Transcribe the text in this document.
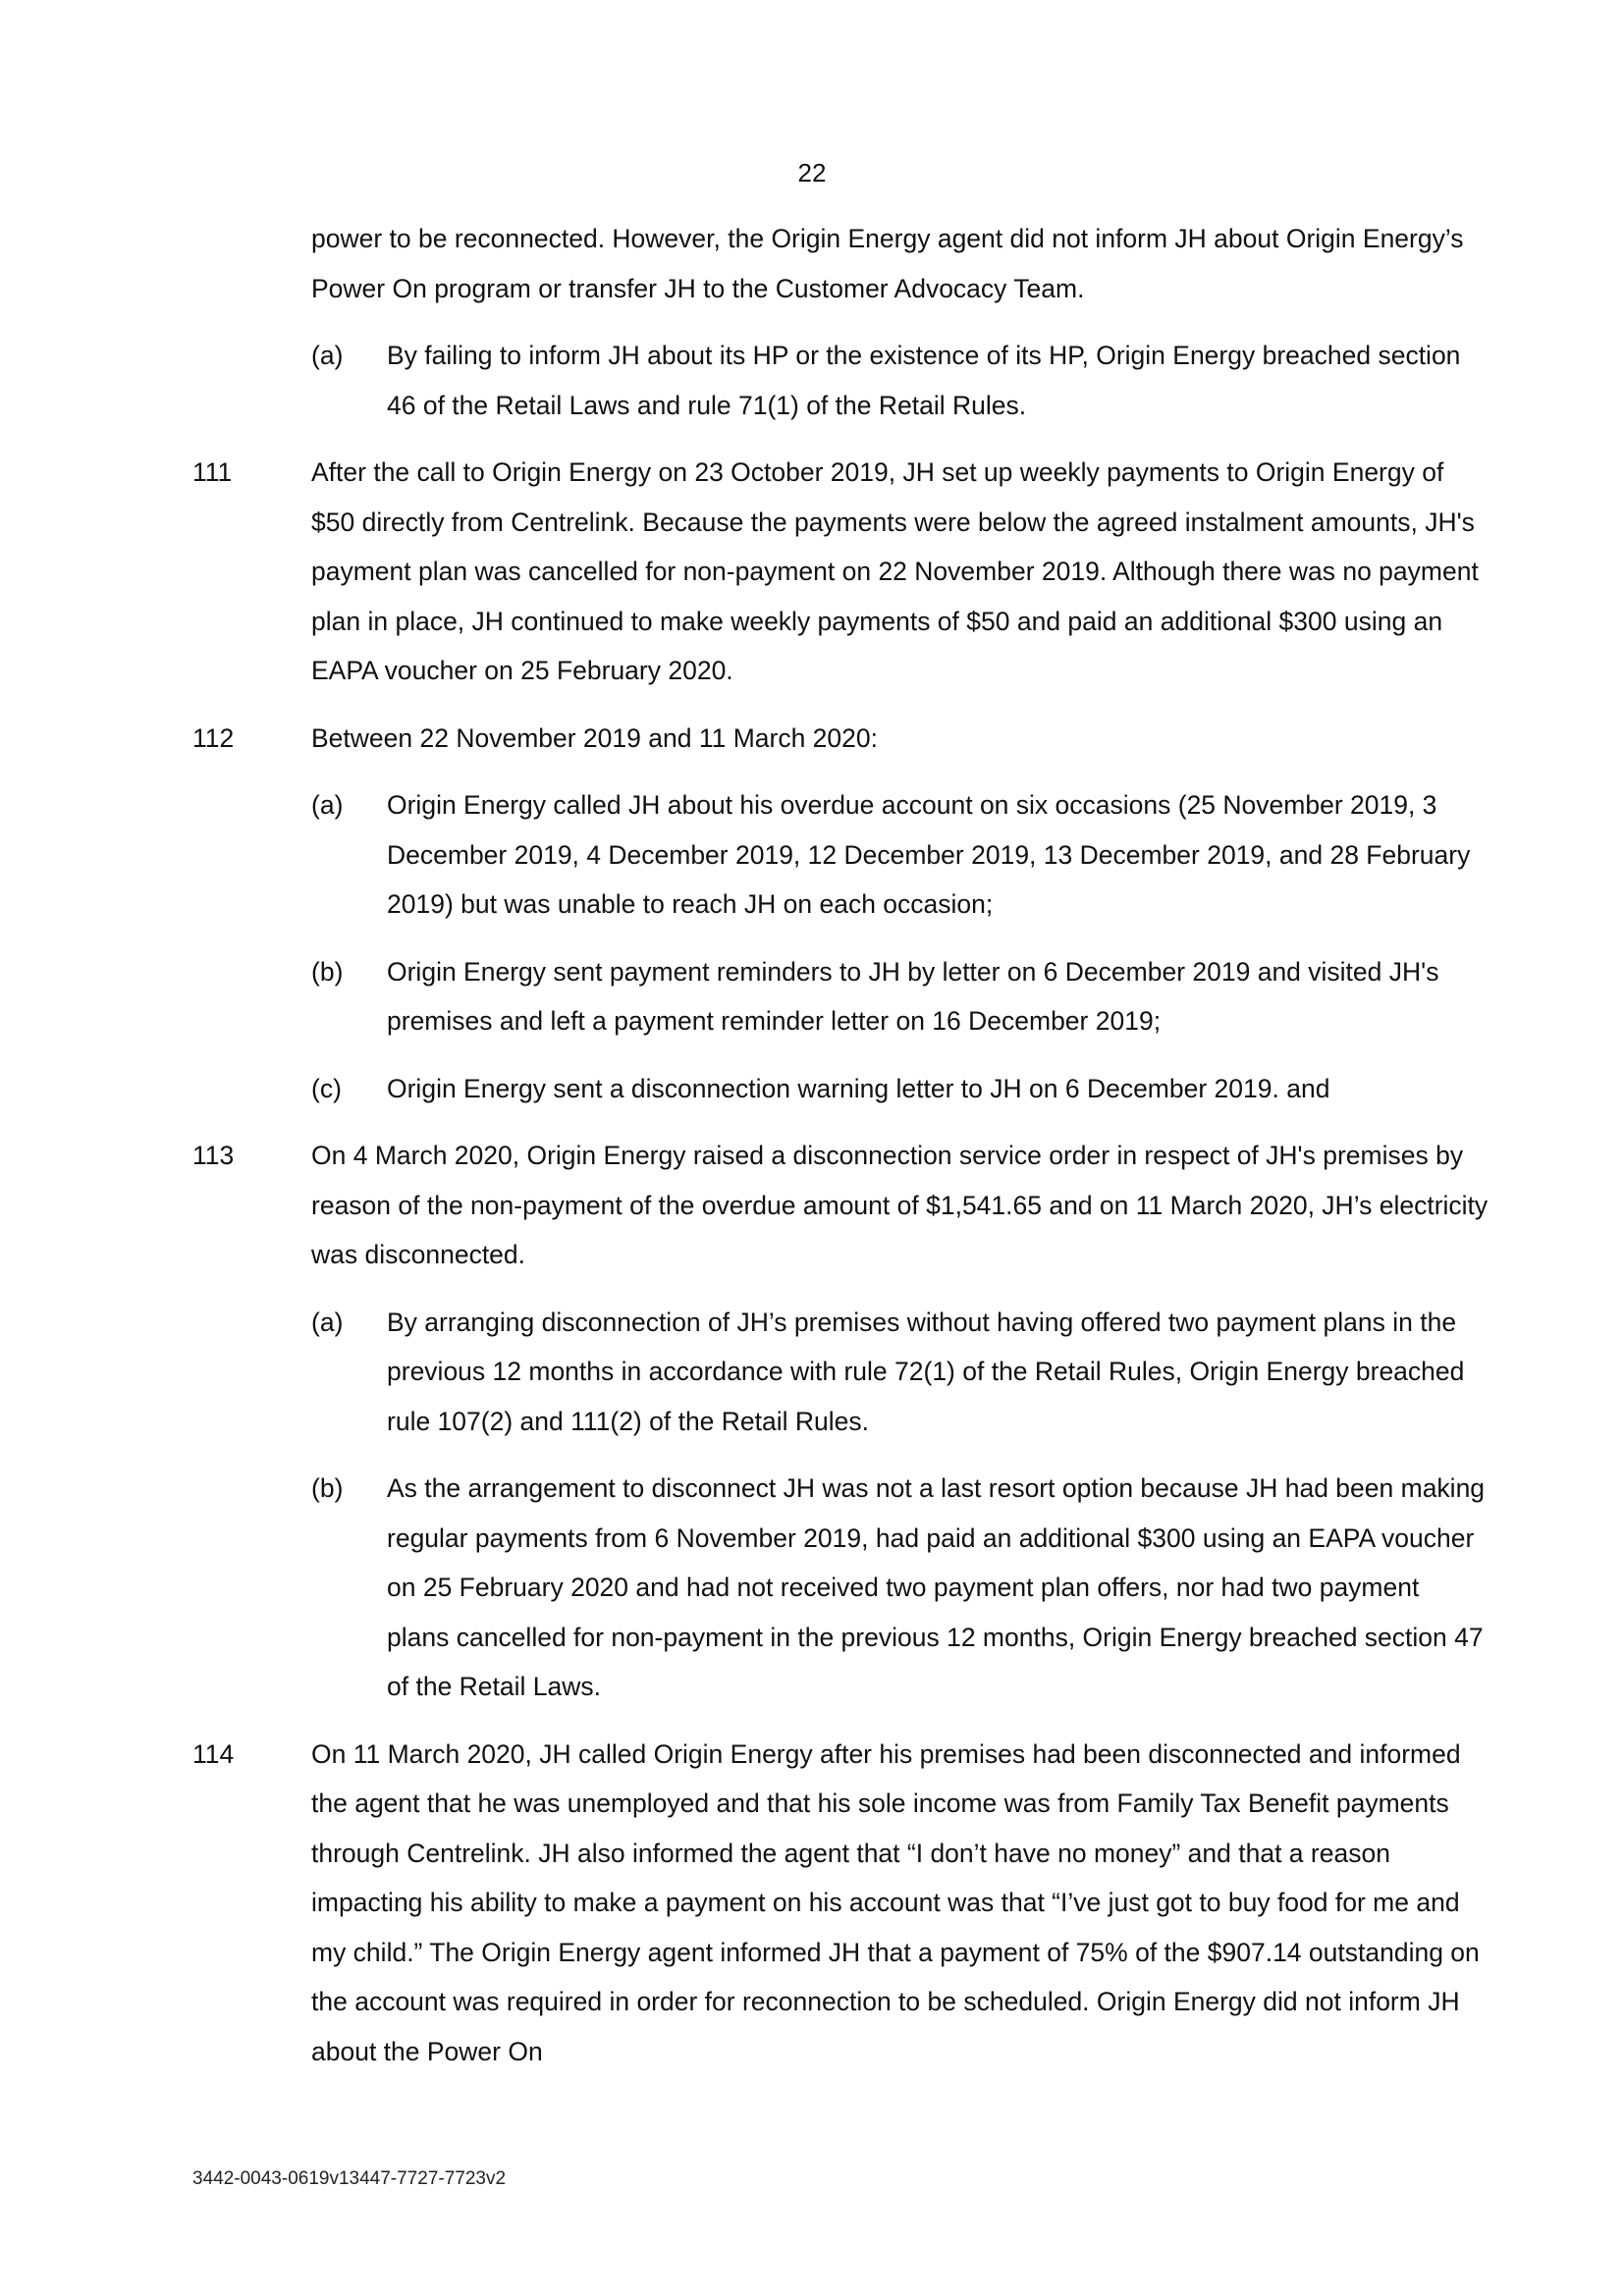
22

power to be reconnected. However, the Origin Energy agent did not inform JH about Origin Energy’s Power On program or transfer JH to the Customer Advocacy Team.

(a) By failing to inform JH about its HP or the existence of its HP, Origin Energy breached section 46 of the Retail Laws and rule 71(1) of the Retail Rules.

111	After the call to Origin Energy on 23 October 2019, JH set up weekly payments to Origin Energy of $50 directly from Centrelink. Because the payments were below the agreed instalment amounts, JH's payment plan was cancelled for non-payment on 22 November 2019. Although there was no payment plan in place, JH continued to make weekly payments of $50 and paid an additional $300 using an EAPA voucher on 25 February 2020.

112	Between 22 November 2019 and 11 March 2020:

(a) Origin Energy called JH about his overdue account on six occasions (25 November 2019, 3 December 2019, 4 December 2019, 12 December 2019, 13 December 2019, and 28 February 2019) but was unable to reach JH on each occasion;

(b) Origin Energy sent payment reminders to JH by letter on 6 December 2019 and visited JH's premises and left a payment reminder letter on 16 December 2019;

(c) Origin Energy sent a disconnection warning letter to JH on 6 December 2019. and

113	On 4 March 2020, Origin Energy raised a disconnection service order in respect of JH's premises by reason of the non-payment of the overdue amount of $1,541.65 and on 11 March 2020, JH’s electricity was disconnected.

(a) By arranging disconnection of JH’s premises without having offered two payment plans in the previous 12 months in accordance with rule 72(1) of the Retail Rules, Origin Energy breached rule 107(2) and 111(2) of the Retail Rules.

(b) As the arrangement to disconnect JH was not a last resort option because JH had been making regular payments from 6 November 2019, had paid an additional $300 using an EAPA voucher on 25 February 2020 and had not received two payment plan offers, nor had two payment plans cancelled for non-payment in the previous 12 months, Origin Energy breached section 47 of the Retail Laws.

114	On 11 March 2020, JH called Origin Energy after his premises had been disconnected and informed the agent that he was unemployed and that his sole income was from Family Tax Benefit payments through Centrelink. JH also informed the agent that “I don’t have no money” and that a reason impacting his ability to make a payment on his account was that “I’ve just got to buy food for me and my child.” The Origin Energy agent informed JH that a payment of 75% of the $907.14 outstanding on the account was required in order for reconnection to be scheduled. Origin Energy did not inform JH about the Power On

3442-0043-0619v13447-7727-7723v2
